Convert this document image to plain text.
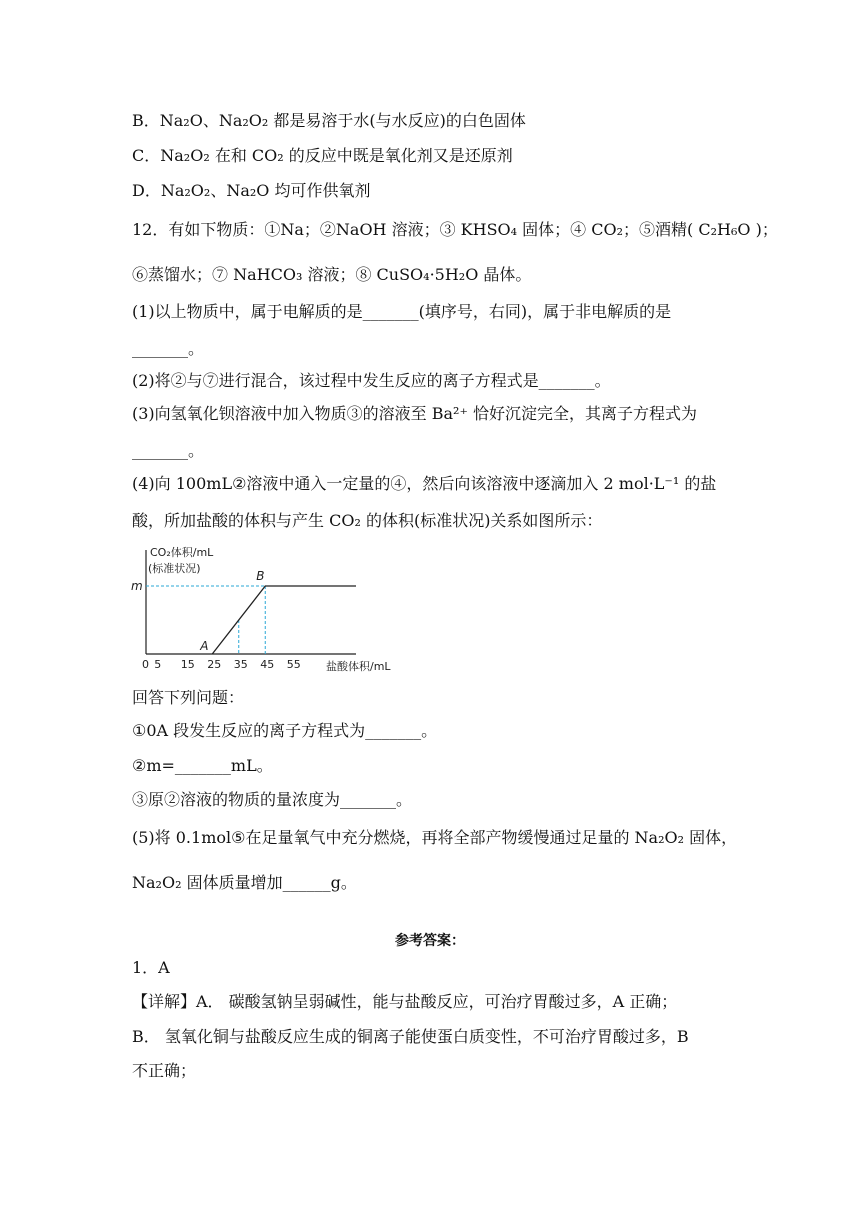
B．Na₂O、Na₂O₂ 都是易溶于水(与水反应)的白色固体
C．Na₂O₂ 在和 CO₂ 的反应中既是氧化剂又是还原剂
D．Na₂O₂、Na₂O 均可作供氧剂
12．有如下物质：①Na；②NaOH 溶液；③ KHSO₄ 固体；④ CO₂；⑤酒精( C₂H₆O )；
⑥蒸馏水；⑦ NaHCO₃ 溶液；⑧ CuSO₄·5H₂O 晶体。
(1)以上物质中，属于电解质的是_______(填序号，右同)，属于非电解质的是
_______。
(2)将②与⑦进行混合，该过程中发生反应的离子方程式是_______。
(3)向氢氧化钡溶液中加入物质③的溶液至 Ba²⁺ 恰好沉淀完全，其离子方程式为
_______。
(4)向 100mL②溶液中通入一定量的④，然后向该溶液中逐滴加入 2 mol·L⁻¹ 的盐
酸，所加盐酸的体积与产生 CO₂ 的体积(标准状况)关系如图所示：
CO₂体积/mL
(标准状况)
m
0 5 15 25 35 45 55 盐酸体积/mL
A
B
回答下列问题：
①0A 段发生反应的离子方程式为_______。
②m=_______mL。
③原②溶液的物质的量浓度为_______。
(5)将 0.1mol⑤在足量氧气中充分燃烧，再将全部产物缓慢通过足量的 Na₂O₂ 固体，
Na₂O₂ 固体质量增加______g。
参考答案：
1．A
【详解】A． 碳酸氢钠呈弱碱性，能与盐酸反应，可治疗胃酸过多，A 正确；
B． 氢氧化铜与盐酸反应生成的铜离子能使蛋白质变性，不可治疗胃酸过多，B
不正确；
